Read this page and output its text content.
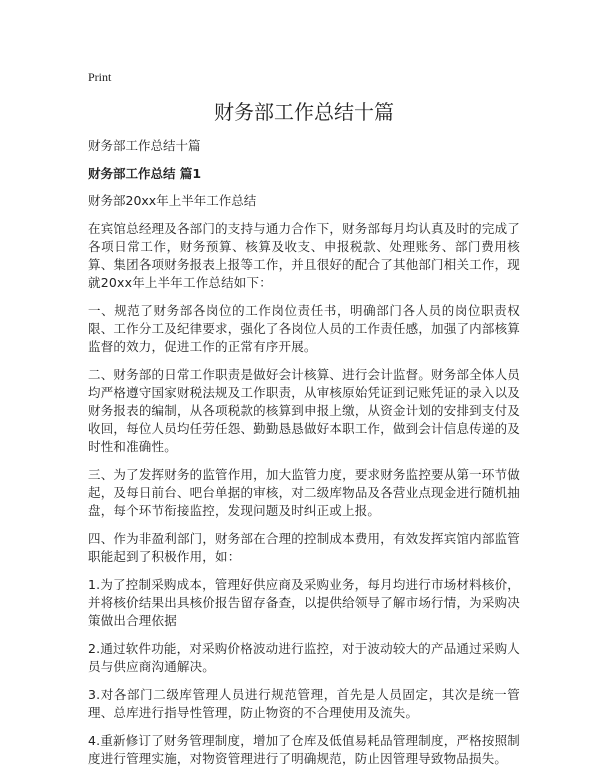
Print
财务部工作总结十篇
财务部工作总结十篇
财务部工作总结 篇1
财务部20xx年上半年工作总结

在宾馆总经理及各部门的支持与通力合作下，财务部每月均认真及时的完成了各项日常工作，财务预算、核算及收支、申报税款、处理账务、部门费用核算、集团各项财务报表上报等工作，并且很好的配合了其他部门相关工作，现就20xx年上半年工作总结如下：

一、规范了财务部各岗位的工作岗位责任书，明确部门各人员的岗位职责权限、工作分工及纪律要求，强化了各岗位人员的工作责任感，加强了内部核算监督的效力，促进工作的正常有序开展。

二、财务部的日常工作职责是做好会计核算、进行会计监督。财务部全体人员均严格遵守国家财税法规及工作职责，从审核原始凭证到记账凭证的录入以及财务报表的编制，从各项税款的核算到申报上缴，从资金计划的安排到支付及收回，每位人员均任劳任怨、勤勤恳恳做好本职工作，做到会计信息传递的及时性和准确性。

三、为了发挥财务的监管作用，加大监管力度，要求财务监控要从第一环节做起，及每日前台、吧台单据的审核，对二级库物品及各营业点现金进行随机抽盘，每个环节衔接监控，发现问题及时纠正或上报。

四、作为非盈利部门，财务部在合理的控制成本费用，有效发挥宾馆内部监管职能起到了积极作用，如：

1.为了控制采购成本，管理好供应商及采购业务，每月均进行市场材料核价，并将核价结果出具核价报告留存备查，以提供给领导了解市场行情，为采购决策做出合理依据

2.通过软件功能，对采购价格波动进行监控，对于波动较大的产品通过采购人员与供应商沟通解决。

3.对各部门二级库管理人员进行规范管理，首先是人员固定，其次是统一管理、总库进行指导性管理，防止物资的不合理使用及流失。

4.重新修订了财务管理制度，增加了仓库及低值易耗品管理制度，严格按照制度进行管理实施，对物资管理进行了明确规范，防止因管理导致物品损失。
